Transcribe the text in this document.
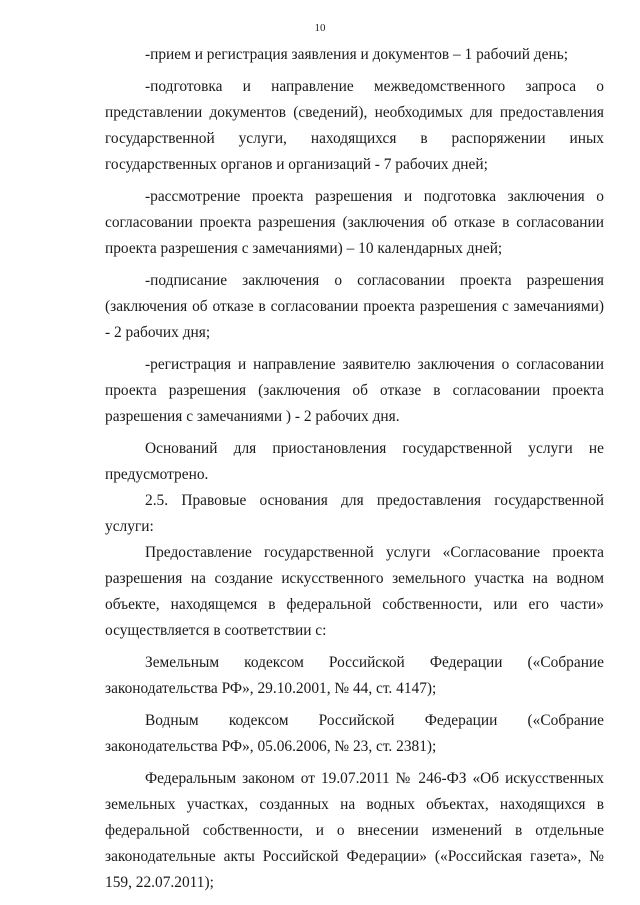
10

-прием и регистрация заявления и документов – 1 рабочий день;

-подготовка и направление межведомственного запроса о представлении документов (сведений), необходимых для предоставления государственной услуги, находящихся в распоряжении иных государственных органов и организаций - 7 рабочих дней;

-рассмотрение проекта разрешения и подготовка заключения о согласовании проекта разрешения (заключения об отказе в согласовании проекта разрешения с замечаниями) – 10 календарных дней;

-подписание заключения о согласовании проекта разрешения (заключения об отказе в согласовании проекта разрешения с замечаниями) - 2 рабочих дня;

-регистрация и направление заявителю заключения о согласовании проекта разрешения (заключения об отказе в согласовании проекта разрешения с замечаниями ) - 2 рабочих дня.

Оснований для приостановления государственной услуги не предусмотрено.

2.5. Правовые основания для предоставления государственной услуги:

Предоставление государственной услуги «Согласование проекта разрешения на создание искусственного земельного участка на водном объекте, находящемся в федеральной собственности, или его части» осуществляется в соответствии с:

Земельным кодексом Российской Федерации («Собрание законодательства РФ», 29.10.2001, № 44, ст. 4147);

Водным кодексом Российской Федерации («Собрание законодательства РФ», 05.06.2006, № 23, ст. 2381);

Федеральным законом от 19.07.2011 № 246-ФЗ «Об искусственных земельных участках, созданных на водных объектах, находящихся в федеральной собственности, и о внесении изменений в отдельные законодательные акты Российской Федерации» («Российская газета», № 159, 22.07.2011);
